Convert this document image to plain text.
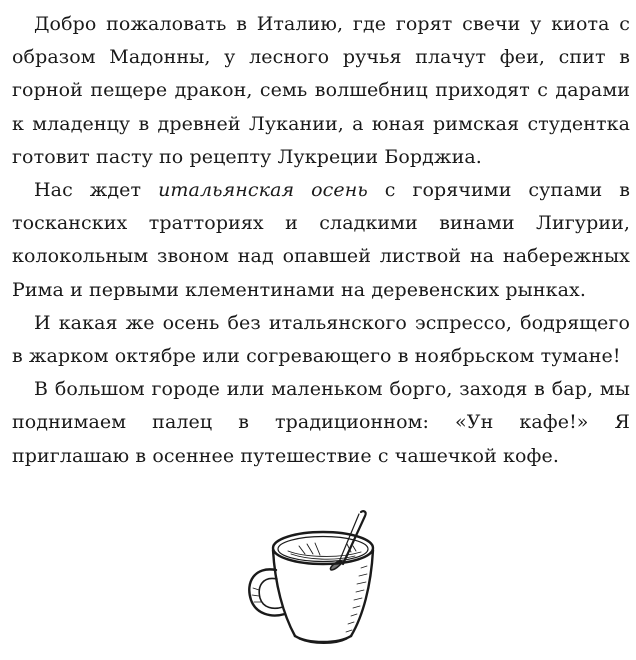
Добро пожаловать в Италию, где горят свечи у киота с образом Мадонны, у лесного ручья плачут феи, спит в горной пещере дракон, семь волшебниц приходят с дарами к младенцу в древней Лукании, а юная римская студентка готовит пасту по рецепту Лукреции Борджиа.

Нас ждет итальянская осень с горячими супами в тосканских тратториях и сладкими винами Лигурии, колокольным звоном над опавшей листвой на набережных Рима и первыми клементинами на деревенских рынках.

И какая же осень без итальянского эспрессо, бодрящего в жарком октябре или согревающего в ноябрьском тумане!

В большом городе или маленьком борго, заходя в бар, мы поднимаем палец в традиционном: «Ун кафе!» Я приглашаю в осеннее путешествие с чашечкой кофе.
